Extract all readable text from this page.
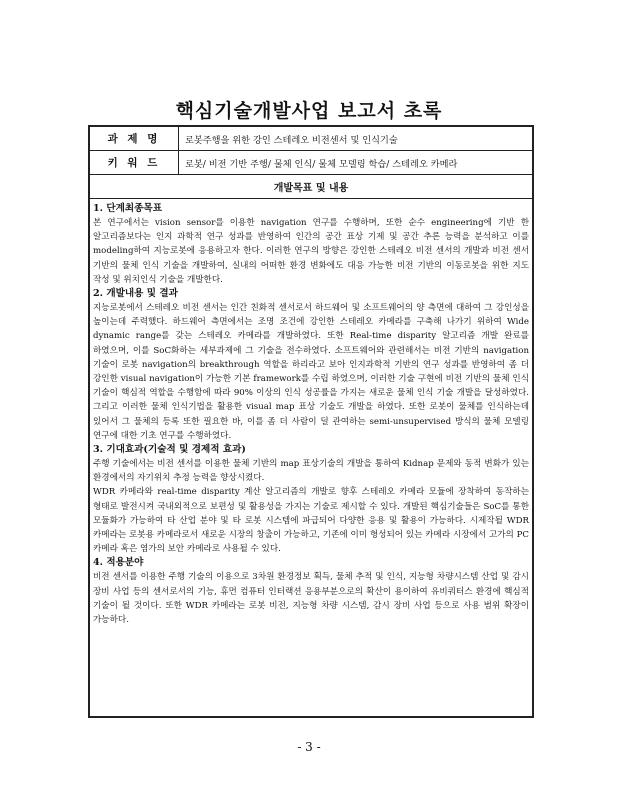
핵심기술개발사업 보고서 초록
과 제 명	로봇주행을 위한 강인 스테레오 비전센서 및 인식기술
키 워 드	로봇/ 비전 기반 주행/ 물체 인식/ 물체 모델링 학습/ 스테레오 카메라
개발목표 및 내용
1. 단계최종목표
본 연구에서는 vision sensor를 이용한 navigation 연구를 수행하며, 또한 순수 engineering에 기반 한 알고리즘보다는 인지 과학적 연구 성과를 반영하여 인간의 공간 표상 기제 및 공간 추론 능력을 분석하고 이를 modeling하여 지능로봇에 응용하고자 한다. 이러한 연구의 방향은 강인한 스테레오 비전 센서의 개발과 비전 센서 기반의 물체 인식 기술을 개발하여, 실내의 어떠한 환경 변화에도 대응 가능한 비전 기반의 이동로봇을 위한 지도 작성 및 위치인식 기술을 개발한다.
2. 개발내용 및 결과
지능로봇에서 스테레오 비전 센서는 인간 친화적 센서로서 하드웨어 및 소프트웨어의 양 측면에 대하여 그 강인성을 높이는데 주력했다. 하드웨어 측면에서는 조명 조건에 강인한 스테레오 카메라를 구축해 나가기 위하여 Wide dynamic range를 갖는 스테레오 카메라를 개발하였다. 또한 Real-time disparity 알고리즘 개발 완료를 하였으며, 이를 SoC화하는 세부과제에 그 기술을 전수하였다. 소프트웨어와 관련해서는 비전 기반의 navigation 기술이 로봇 navigation의 breakthrough 역할을 하리라고 보아 인지과학적 기반의 연구 성과를 반영하여 좀 더 강인한 visual navigation이 가능한 기본 framework를 수립 하였으며, 이러한 기술 구현에 비전 기반의 물체 인식 기술이 핵심적 역할을 수행함에 따라 90% 이상의 인식 성공률을 가지는 새로운 물체 인식 기술 개발을 달성하였다. 그리고 이러한 물체 인식기법을 활용한 visual map 표상 기술도 개발을 하였다. 또한 로봇이 물체를 인식하는데 있어서 그 물체의 등록 또한 필요한 바, 이를 좀 더 사람이 덜 관여하는 semi-unsupervised 방식의 물체 모델링 연구에 대한 기초 연구를 수행하였다.
3. 기대효과(기술적 및 경제적 효과)
주행 기술에서는 비전 센서를 이용한 물체 기반의 map 표상기술의 개발을 통하여 Kidnap 문제와 동적 변화가 있는 환경에서의 자기위치 추정 능력을 향상시켰다.
WDR 카메라와 real-time disparity 계산 알고리즘의 개발로 향후 스테레오 카메라 모듈에 장착하여 동작하는 형태로 발전시켜 국내외적으로 보편성 및 활용성을 가지는 기술로 제시할 수 있다. 개발된 핵심기술들은 SoC를 통한 모듈화가 가능하여 타 산업 분야 및 타 로봇 시스템에 파급되어 다양한 응용 및 활용이 가능하다. 시제작될 WDR 카메라는 로봇용 카메라로서 새로운 시장의 창출이 가능하고, 기존에 이미 형성되어 있는 카메라 시장에서 고가의 PC 카메라 혹은 염가의 보안 카메라로 사용될 수 있다.
4. 적용분야
비전 센서를 이용한 주행 기술의 이용으로 3차원 환경정보 획득, 물체 추적 및 인식, 지능형 차량시스템 산업 및 감시 장비 사업 등의 센서로서의 기능, 휴먼 컴퓨터 인터랙션 응용부분으로의 확산이 용이하여 유비쿼터스 환경에 핵심적 기술이 될 것이다. 또한 WDR 카메라는 로봇 비전, 지능형 차량 시스템, 감시 장비 사업 등으로 사용 범위 확장이 가능하다.
- 3 -
